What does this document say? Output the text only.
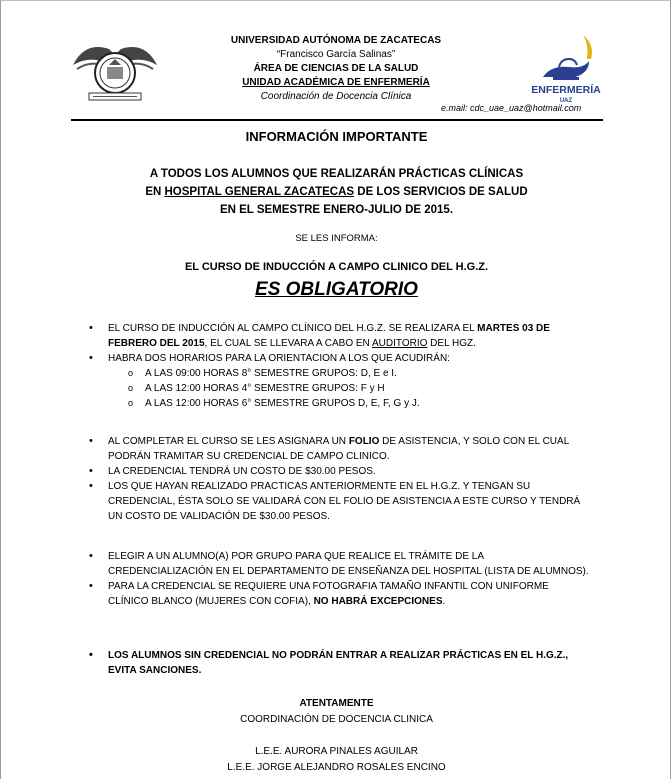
UNIVERSIDAD AUTÓNOMA DE ZACATECAS
“Francisco García Salinas”
ÁREA DE CIENCIAS DE LA SALUD
UNIDAD ACADÉMICA DE ENFERMERÍA
Coordinación de Docencia Clínica
ENFERMERÍA
UAZ
e.mail: cdc_uae_uaz@hotmail.com
INFORMACIÓN IMPORTANTE
A TODOS LOS ALUMNOS QUE REALIZARÁN PRÁCTICAS CLÍNICAS
EN HOSPITAL GENERAL ZACATECAS DE LOS SERVICIOS DE SALUD
EN EL SEMESTRE ENERO-JULIO DE 2015.
SE LES INFORMA:
EL CURSO DE INDUCCIÓN A CAMPO CLINICO DEL H.G.Z.
ES OBLIGATORIO
• EL CURSO DE INDUCCIÓN AL CAMPO CLÍNICO DEL H.G.Z. SE REALIZARA EL MARTES 03 DE FEBRERO DEL 2015, EL CUAL SE LLEVARA A CABO EN AUDITORIO DEL HGZ.
• HABRA DOS HORARIOS PARA LA ORIENTACION A LOS QUE ACUDIRÁN:
o A LAS 09:00 HORAS 8° SEMESTRE GRUPOS: D, E e I.
o A LAS 12:00 HORAS 4° SEMESTRE GRUPOS: F y H
o A LAS 12:00 HORAS 6° SEMESTRE GRUPOS D, E, F, G y J.
• AL COMPLETAR EL CURSO SE LES ASIGNARA UN FOLIO DE ASISTENCIA, Y SOLO CON EL CUAL PODRÁN TRAMITAR SU CREDENCIAL DE CAMPO CLINICO.
• LA CREDENCIAL TENDRÁ UN COSTO DE $30.00 PESOS.
• LOS QUE HAYAN REALIZADO PRACTICAS ANTERIORMENTE EN EL H.G.Z. Y TENGAN SU CREDENCIAL, ÉSTA SOLO SE VALIDARÁ CON EL FOLIO DE ASISTENCIA A ESTE CURSO Y TENDRÁ UN COSTO DE VALIDACIÓN DE $30.00 PESOS.
• ELEGIR A UN ALUMNO(A) POR GRUPO PARA QUE REALICE EL TRÁMITE DE LA CREDENCIALIZACIÓN EN EL DEPARTAMENTO DE ENSEÑANZA DEL HOSPITAL (LISTA DE ALUMNOS).
• PARA LA CREDENCIAL SE REQUIERE UNA FOTOGRAFIA TAMAÑO INFANTIL CON UNIFORME CLÍNICO BLANCO (MUJERES CON COFIA), NO HABRÁ EXCEPCIONES.
• LOS ALUMNOS SIN CREDENCIAL NO PODRÁN ENTRAR A REALIZAR PRÁCTICAS EN EL H.G.Z., EVITA SANCIONES.
ATENTAMENTE
COORDINACIÓN DE DOCENCIA CLINICA
L.E.E. AURORA PINALES AGUILAR
L.E.E. JORGE ALEJANDRO ROSALES ENCINO
